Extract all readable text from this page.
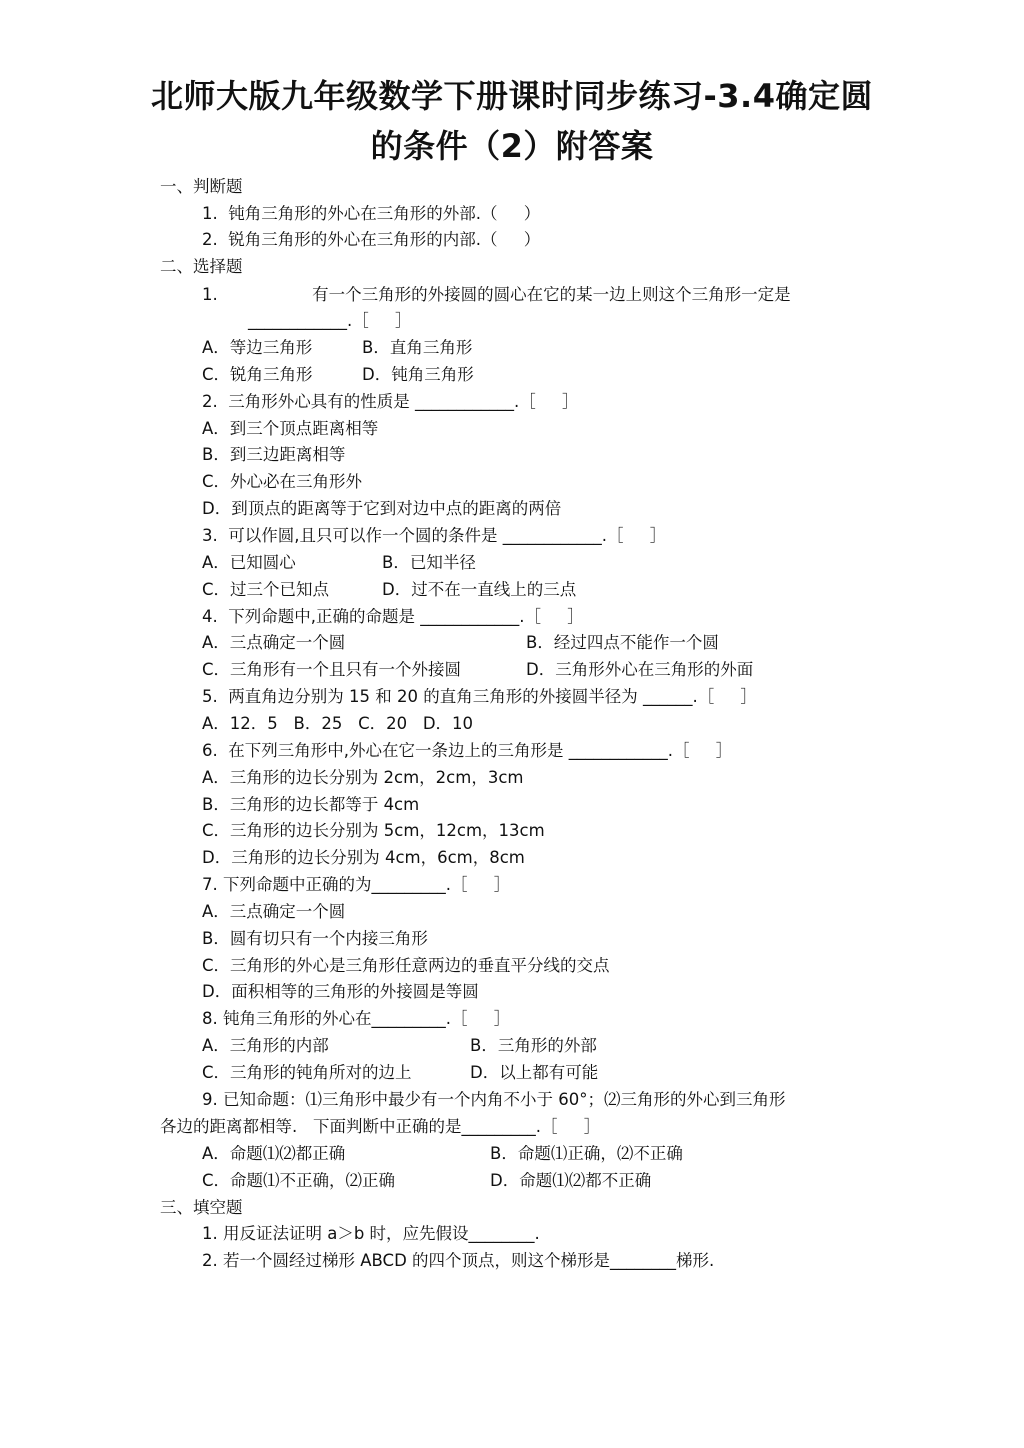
北师大版九年级数学下册课时同步练习-3.4确定圆
的条件（2）附答案
一、判断题
1.  钝角三角形的外心在三角形的外部.（     ）
2.  锐角三角形的外心在三角形的内部.（     ）
二、选择题
1.                  有一个三角形的外接圆的圆心在它的某一边上则这个三角形一定是
____________.［     ］
A．等边三角形	B．直角三角形
C．锐角三角形	D．钝角三角形
2.  三角形外心具有的性质是 ____________.［     ］
A．到三个顶点距离相等
B．到三边距离相等
C．外心必在三角形外
D．到顶点的距离等于它到对边中点的距离的两倍
3.  可以作圆,且只可以作一个圆的条件是 ____________.［     ］
A．已知圆心	B．已知半径
C．过三个已知点	D．过不在一直线上的三点
4.  下列命题中,正确的命题是 ____________.［     ］
A．三点确定一个圆	B．经过四点不能作一个圆
C．三角形有一个且只有一个外接圆	D．三角形外心在三角形的外面
5.  两直角边分别为 15 和 20 的直角三角形的外接圆半径为 ______.［     ］
A．12．5   B．25   C．20   D．10
6.  在下列三角形中,外心在它一条边上的三角形是 ____________.［     ］
A．三角形的边长分别为 2cm，2cm，3cm
B．三角形的边长都等于 4cm
C．三角形的边长分别为 5cm，12cm，13cm
D．三角形的边长分别为 4cm，6cm，8cm
7. 下列命题中正确的为_________.［     ］
A．三点确定一个圆
B．圆有切只有一个内接三角形
C．三角形的外心是三角形任意两边的垂直平分线的交点
D．面积相等的三角形的外接圆是等圆
8. 钝角三角形的外心在_________.［     ］
A．三角形的内部	B．三角形的外部
C．三角形的钝角所对的边上	D．以上都有可能
9. 已知命题：⑴三角形中最少有一个内角不小于 60°；⑵三角形的外心到三角形
各边的距离都相等.   下面判断中正确的是_________.［     ］
A．命题⑴⑵都正确	B．命题⑴正确，⑵不正确
C．命题⑴不正确，⑵正确	D．命题⑴⑵都不正确
三、填空题
1. 用反证法证明 a＞b 时，应先假设________.
2. 若一个圆经过梯形 ABCD 的四个顶点，则这个梯形是________梯形.
